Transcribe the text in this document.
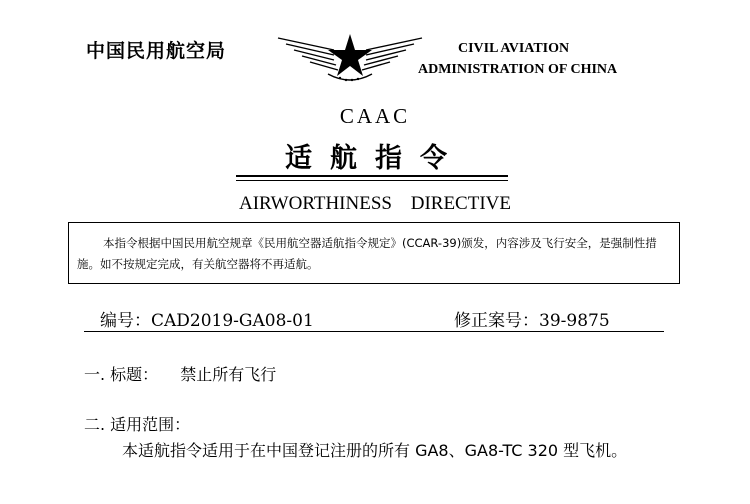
中国民用航空局	CIVIL AVIATION
ADMINISTRATION OF CHINA
CAAC
适航指令
AIRWORTHINESS DIRECTIVE
本指令根据中国民用航空规章《民用航空器适航指令规定》(CCAR-39)颁发，内容涉及飞行安全，是强制性措施。如不按规定完成，有关航空器将不再适航。
编号：CAD2019-GA08-01	修正案号：39-9875
一. 标题： 禁止所有飞行
二. 适用范围：
本适航指令适用于在中国登记注册的所有 GA8、GA8-TC 320 型飞机。
